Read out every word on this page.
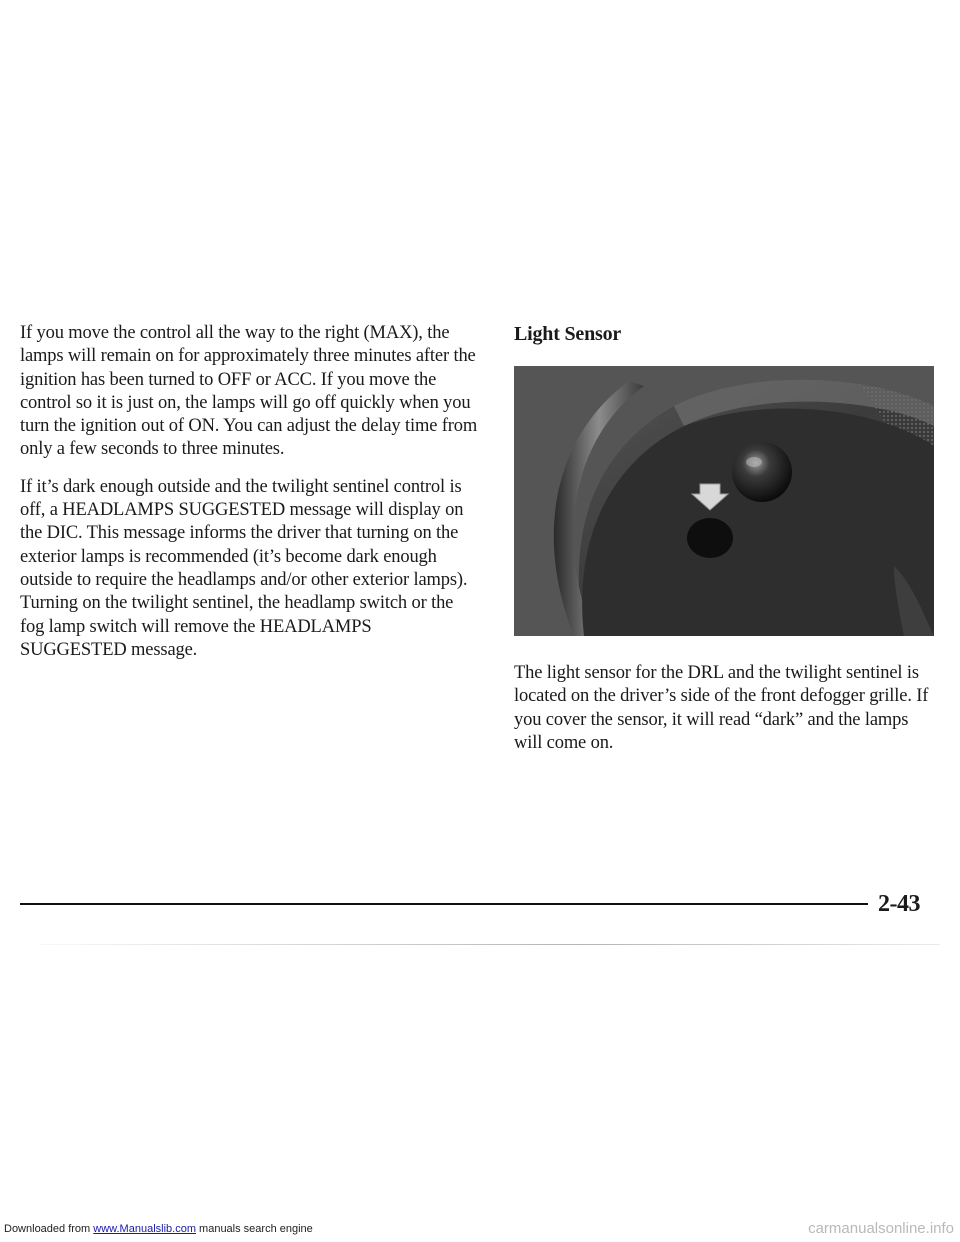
If you move the control all the way to the right (MAX), the lamps will remain on for approximately three minutes after the ignition has been turned to OFF or ACC. If you move the control so it is just on, the lamps will go off quickly when you turn the ignition out of ON. You can adjust the delay time from only a few seconds to three minutes.

If it’s dark enough outside and the twilight sentinel control is off, a HEADLAMPS SUGGESTED message will display on the DIC. This message informs the driver that turning on the exterior lamps is recommended (it’s become dark enough outside to require the headlamps and/or other exterior lamps). Turning on the twilight sentinel, the headlamp switch or the fog lamp switch will remove the HEADLAMPS SUGGESTED message.

Light Sensor

The light sensor for the DRL and the twilight sentinel is located on the driver’s side of the front defogger grille. If you cover the sensor, it will read “dark” and the lamps will come on.

2-43
Downloaded from www.Manualslib.com manuals search engine	carmanualsonline.info
